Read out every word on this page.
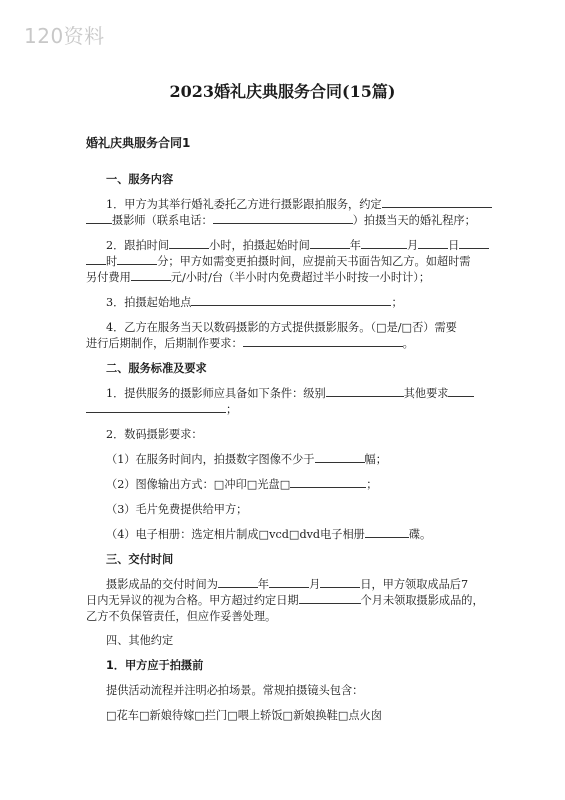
120资料
2023婚礼庆典服务合同(15篇)
婚礼庆典服务合同1
一、服务内容
1．甲方为其举行婚礼委托乙方进行摄影跟拍服务，约定
摄影师（联系电话：	）拍摄当天的婚礼程序；
2．跟拍时间	小时，拍摄起始时间	年	月	日
时	分；甲方如需变更拍摄时间，应提前天书面告知乙方。如超时需
另付费用	元/小时/台（半小时内免费超过半小时按一小时计）；
3．拍摄起始地点	；
4．乙方在服务当天以数码摄影的方式提供摄影服务。（□是/□否）需要
进行后期制作，后期制作要求：	。
二、服务标准及要求
1．提供服务的摄影师应具备如下条件：级别	其他要求
；
2．数码摄影要求：
（1）在服务时间内，拍摄数字图像不少于	幅；
（2）图像输出方式：□冲印□光盘□	；
（3）毛片免费提供给甲方；
（4）电子相册：选定相片制成□vcd□dvd电子相册	碟。
三、交付时间
摄影成品的交付时间为	年	月	日，甲方领取成品后7
日内无异议的视为合格。甲方超过约定日期	个月未领取摄影成品的，
乙方不负保管责任，但应作妥善处理。
四、其他约定
1．甲方应于拍摄前
提供活动流程并注明必拍场景。常规拍摄镜头包含：
□花车□新娘待嫁□拦门□喂上轿饭□新娘换鞋□点火囱
